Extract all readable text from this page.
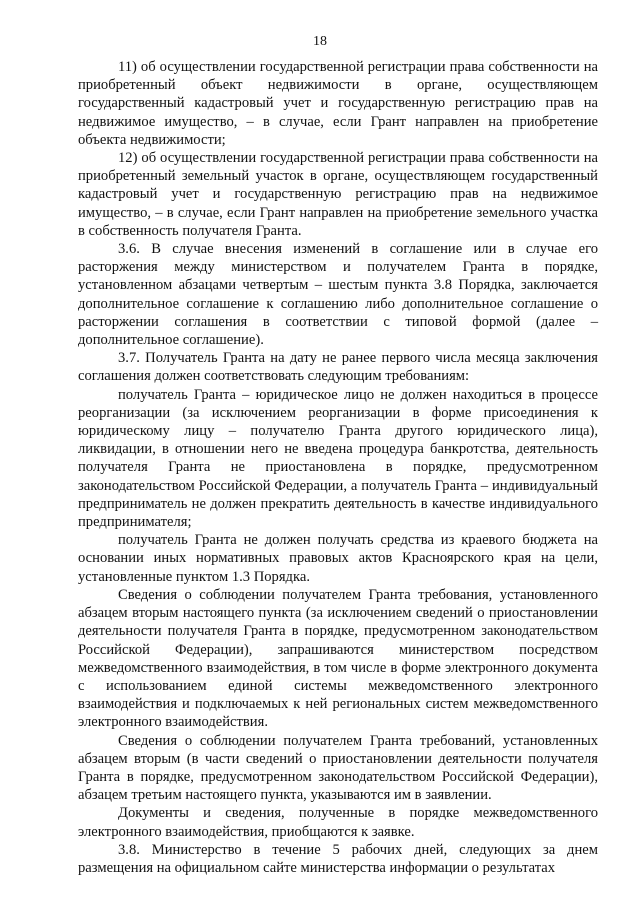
18

11) об осуществлении государственной регистрации права собственности на приобретенный объект недвижимости в органе, осуществляющем государственный кадастровый учет и государственную регистрацию прав на недвижимое имущество, – в случае, если Грант направлен на приобретение объекта недвижимости;

12) об осуществлении государственной регистрации права собственности на приобретенный земельный участок в органе, осуществляющем государственный кадастровый учет и государственную регистрацию прав на недвижимое имущество, – в случае, если Грант направлен на приобретение земельного участка в собственность получателя Гранта.

3.6. В случае внесения изменений в соглашение или в случае его расторжения между министерством и получателем Гранта в порядке, установленном абзацами четвертым – шестым пункта 3.8 Порядка, заключается дополнительное соглашение к соглашению либо дополнительное соглашение о расторжении соглашения в соответствии с типовой формой (далее – дополнительное соглашение).

3.7. Получатель Гранта на дату не ранее первого числа месяца заключения соглашения должен соответствовать следующим требованиям:

получатель Гранта – юридическое лицо не должен находиться в процессе реорганизации (за исключением реорганизации в форме присоединения к юридическому лицу – получателю Гранта другого юридического лица), ликвидации, в отношении него не введена процедура банкротства, деятельность получателя Гранта не приостановлена в порядке, предусмотренном законодательством Российской Федерации, а получатель Гранта – индивидуальный предприниматель не должен прекратить деятельность в качестве индивидуального предпринимателя;

получатель Гранта не должен получать средства из краевого бюджета на основании иных нормативных правовых актов Красноярского края на цели, установленные пунктом 1.3 Порядка.

Сведения о соблюдении получателем Гранта требования, установленного абзацем вторым настоящего пункта (за исключением сведений о приостановлении деятельности получателя Гранта в порядке, предусмотренном законодательством Российской Федерации), запрашиваются министерством посредством межведомственного взаимодействия, в том числе в форме электронного документа с использованием единой системы межведомственного электронного взаимодействия и подключаемых к ней региональных систем межведомственного электронного взаимодействия.

Сведения о соблюдении получателем Гранта требований, установленных абзацем вторым (в части сведений о приостановлении деятельности получателя Гранта в порядке, предусмотренном законодательством Российской Федерации), абзацем третьим настоящего пункта, указываются им в заявлении.

Документы и сведения, полученные в порядке межведомственного электронного взаимодействия, приобщаются к заявке.

3.8. Министерство в течение 5 рабочих дней, следующих за днем размещения на официальном сайте министерства информации о результатах
